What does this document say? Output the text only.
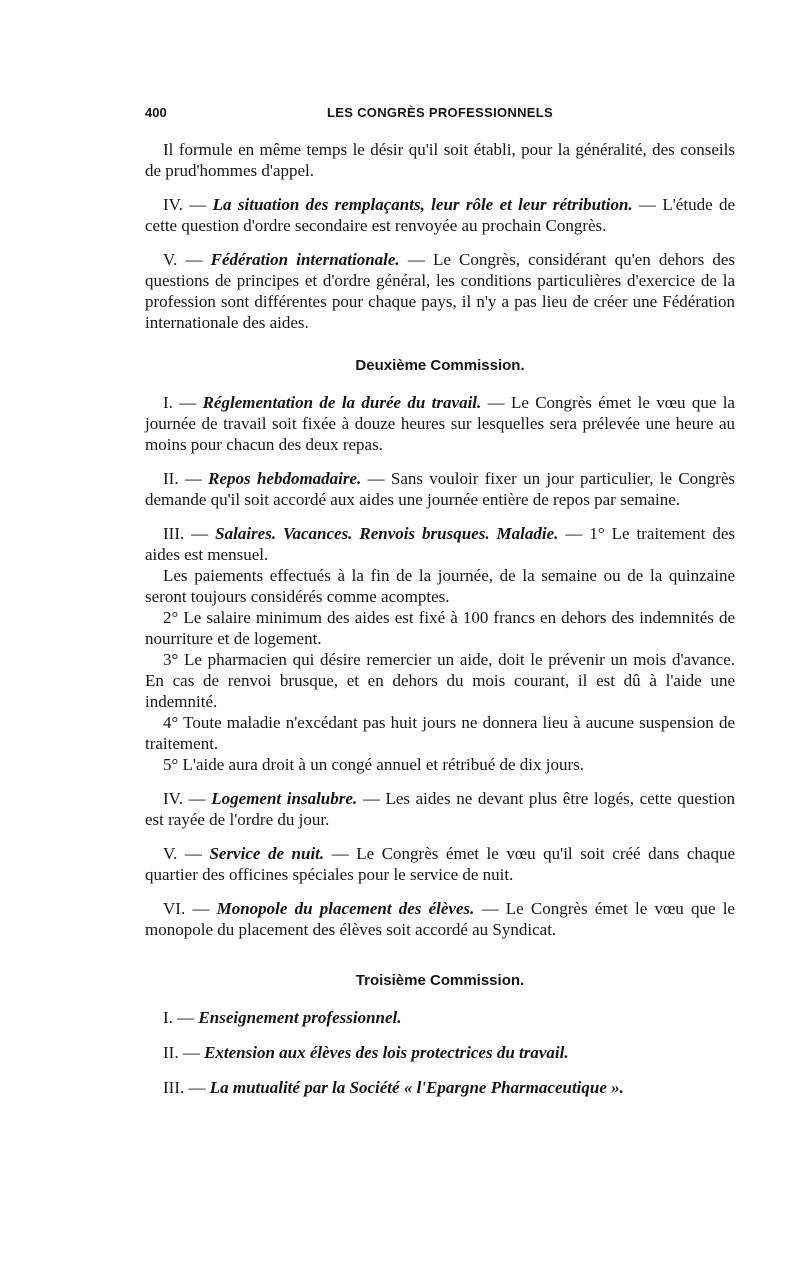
400	LES CONGRÈS PROFESSIONNELS

Il formule en même temps le désir qu'il soit établi, pour la généralité, des conseils de prud'hommes d'appel.

IV. — La situation des remplaçants, leur rôle et leur rétribution. — L'étude de cette question d'ordre secondaire est renvoyée au prochain Congrès.

V. — Fédération internationale. — Le Congrès, considérant qu'en dehors des questions de principes et d'ordre général, les conditions particulières d'exercice de la profession sont différentes pour chaque pays, il n'y a pas lieu de créer une Fédération internationale des aides.

Deuxième Commission.

I. — Réglementation de la durée du travail. — Le Congrès émet le vœu que la journée de travail soit fixée à douze heures sur lesquelles sera prélevée une heure au moins pour chacun des deux repas.

II. — Repos hebdomadaire. — Sans vouloir fixer un jour particulier, le Congrès demande qu'il soit accordé aux aides une journée entière de repos par semaine.

III. — Salaires. Vacances. Renvois brusques. Maladie. — 1° Le traitement des aides est mensuel.

Les paiements effectués à la fin de la journée, de la semaine ou de la quinzaine seront toujours considérés comme acomptes.

2° Le salaire minimum des aides est fixé à 100 francs en dehors des indemnités de nourriture et de logement.

3° Le pharmacien qui désire remercier un aide, doit le prévenir un mois d'avance. En cas de renvoi brusque, et en dehors du mois courant, il est dû à l'aide une indemnité.

4° Toute maladie n'excédant pas huit jours ne donnera lieu à aucune suspension de traitement.

5° L'aide aura droit à un congé annuel et rétribué de dix jours.

IV. — Logement insalubre. — Les aides ne devant plus être logés, cette question est rayée de l'ordre du jour.

V. — Service de nuit. — Le Congrès émet le vœu qu'il soit créé dans chaque quartier des officines spéciales pour le service de nuit.

VI. — Monopole du placement des élèves. — Le Congrès émet le vœu que le monopole du placement des élèves soit accordé au Syndicat.

Troisième Commission.

I. — Enseignement professionnel.

II. — Extension aux élèves des lois protectrices du travail.

III. — La mutualité par la Société « l'Epargne Pharmaceutique ».
